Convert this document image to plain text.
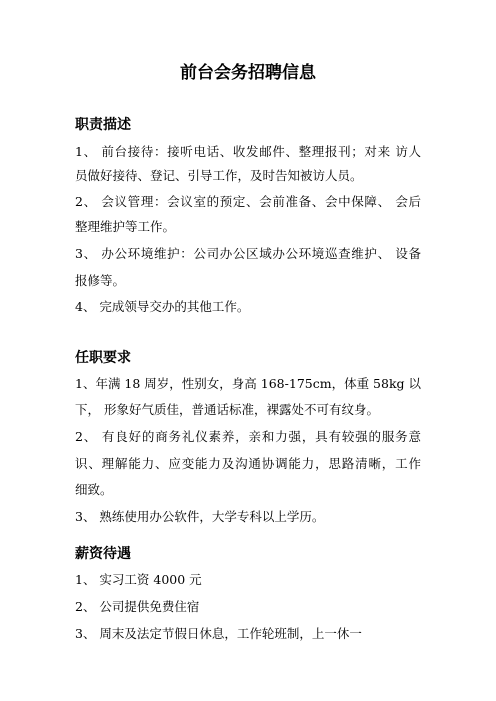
前台会务招聘信息
职责描述
1、 前台接待：接听电话、收发邮件、整理报刊；对来 访人
员做好接待、登记、引导工作，及时告知被访人员。
2、 会议管理：会议室的预定、会前准备、会中保障、 会后
整理维护等工作。
3、 办公环境维护：公司办公区域办公环境巡查维护、 设备
报修等。
4、 完成领导交办的其他工作。
任职要求
1、年满 18 周岁，性别女，身高 168-175cm，体重 58kg 以
下， 形象好气质佳，普通话标准，裸露处不可有纹身。
2、 有良好的商务礼仪素养，亲和力强，具有较强的服务意
识、理解能力、应变能力及沟通协调能力，思路清晰，工作
细致。
3、 熟练使用办公软件，大学专科以上学历。
薪资待遇
1、 实习工资 4000 元
2、 公司提供免费住宿
3、 周末及法定节假日休息，工作轮班制，上一休一
